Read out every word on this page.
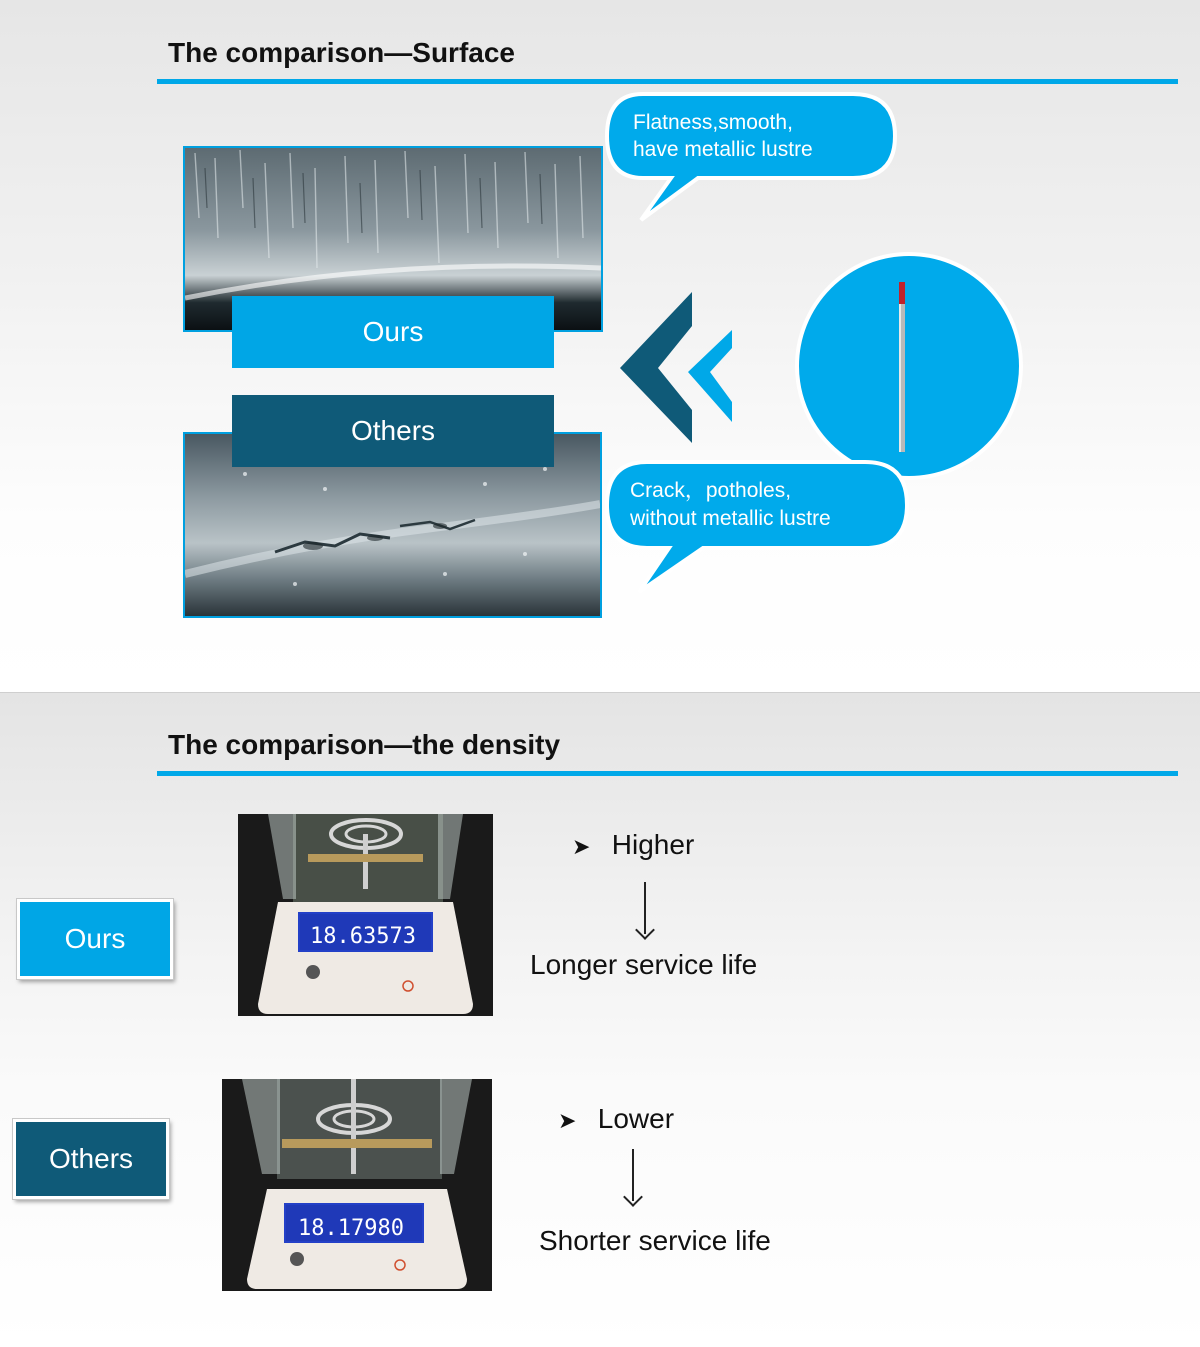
The comparison—Surface
Ours
Others
Flatness,smooth,
have metallic lustre
Crack，potholes,
without metallic lustre
The comparison—the density
Ours
Others
18.63573
18.17980
➤ Higher
Longer service life
➤ Lower
Shorter service life
